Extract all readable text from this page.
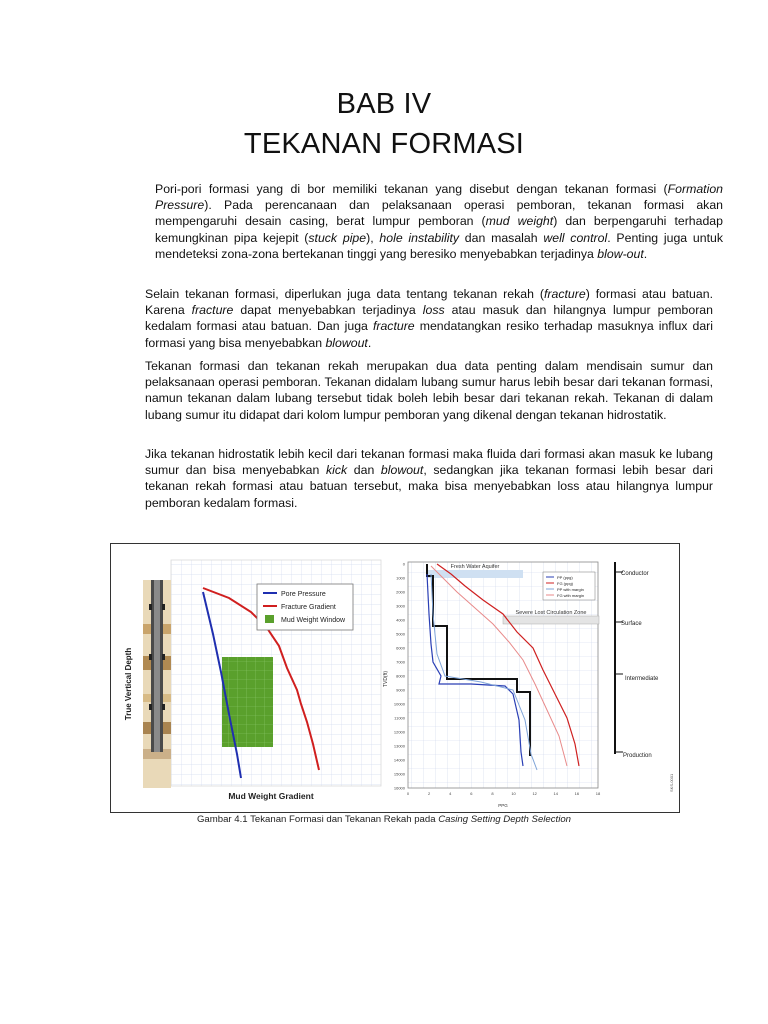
BAB IV
TEKANAN FORMASI
Pori-pori formasi yang di bor memiliki tekanan yang disebut dengan tekanan formasi (Formation Pressure). Pada perencanaan dan pelaksanaan operasi pemboran, tekanan formasi akan mempengaruhi desain casing, berat lumpur pemboran (mud weight) dan berpengaruhi terhadap kemungkinan pipa kejepit (stuck pipe), hole instability dan masalah well control. Penting juga untuk mendeteksi zona-zona bertekanan tinggi yang beresiko menyebabkan terjadinya blow-out.
Selain tekanan formasi, diperlukan juga data tentang tekanan rekah (fracture) formasi atau batuan. Karena fracture dapat menyebabkan terjadinya loss atau masuk dan hilangnya lumpur pemboran kedalam formasi atau batuan. Dan juga fracture mendatangkan resiko terhadap masuknya influx dari formasi yang bisa menyebabkan blowout.
Tekanan formasi dan tekanan rekah merupakan dua data penting dalam mendisain sumur dan pelaksanaan operasi pemboran. Tekanan didalam lubang sumur harus lebih besar dari tekanan formasi, namun tekanan dalam lubang tersebut tidak boleh lebih besar dari tekanan rekah. Tekanan di dalam lubang sumur itu didapat dari kolom lumpur pemboran yang dikenal dengan tekanan hidrostatik.
Jika tekanan hidrostatik lebih kecil dari tekanan formasi maka fluida dari formasi akan masuk ke lubang sumur dan bisa menyebabkan kick dan blowout, sedangkan jika tekanan formasi lebih besar dari tekanan rekah formasi atau batuan tersebut, maka bisa menyebabkan loss atau hilangnya lumpur pemboran kedalam formasi.
Pore Pressure
Fracture Gradient
Mud Weight Window
True Vertical Depth
Mud Weight Gradient
0
1000
2000
3000
4000
5000
6000
7000
8000
9000
10000
11000
12000
13000
14000
15000
16000
0	2	4	6	8	10	12	14	16	18
TVD(ft)
PPG
Fresh Water Aquifer
Severe Lost Circulation Zone
PP (ppg)
FG (ppg)
PP with margin
FG with margin
Conductor
Surface
Intermediate
Production
SKS-0001
Gambar 4.1 Tekanan Formasi dan Tekanan Rekah pada Casing Setting Depth Selection
